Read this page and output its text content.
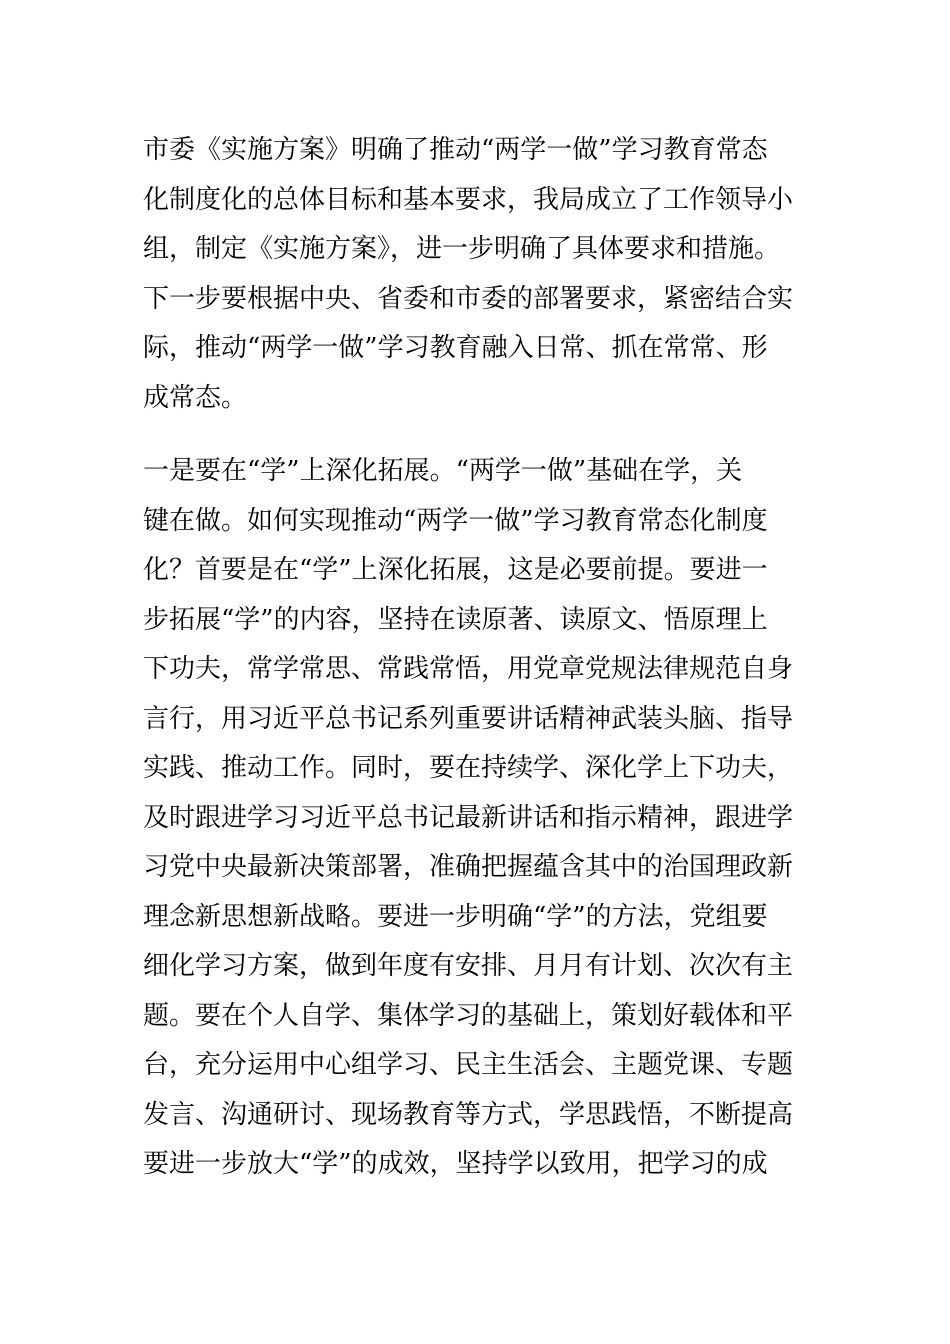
市委《实施方案》明确了推动“两学一做”学习教育常态
化制度化的总体目标和基本要求，我局成立了工作领导小
组，制定《实施方案》，进一步明确了具体要求和措施。
下一步要根据中央、省委和市委的部署要求，紧密结合实
际，推动“两学一做”学习教育融入日常、抓在常常、形
成常态。
一是要在“学”上深化拓展。“两学一做”基础在学，关
键在做。如何实现推动“两学一做”学习教育常态化制度
化？首要是在“学”上深化拓展，这是必要前提。要进一
步拓展“学”的内容，坚持在读原著、读原文、悟原理上
下功夫，常学常思、常践常悟，用党章党规法律规范自身
言行，用习近平总书记系列重要讲话精神武装头脑、指导
实践、推动工作。同时，要在持续学、深化学上下功夫，
及时跟进学习习近平总书记最新讲话和指示精神，跟进学
习党中央最新决策部署，准确把握蕴含其中的治国理政新
理念新思想新战略。要进一步明确“学”的方法，党组要
细化学习方案，做到年度有安排、月月有计划、次次有主
题。要在个人自学、集体学习的基础上，策划好载体和平
台，充分运用中心组学习、民主生活会、主题党课、专题
发言、沟通研讨、现场教育等方式，学思践悟，不断提高
要进一步放大“学”的成效，坚持学以致用，把学习的成
